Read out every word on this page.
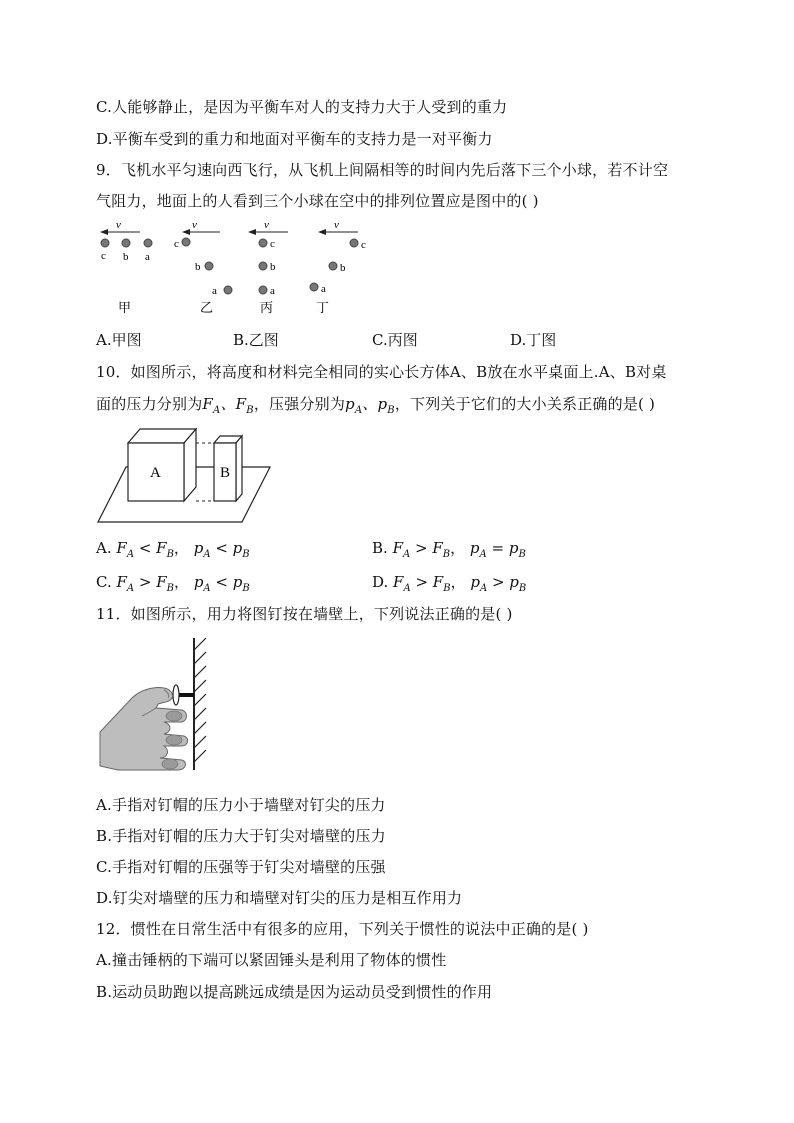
C.人能够静止，是因为平衡车对人的支持力大于人受到的重力
D.平衡车受到的重力和地面对平衡车的支持力是一对平衡力
9．飞机水平匀速向西飞行，从飞机上间隔相等的时间内先后落下三个小球，若不计空
气阻力，地面上的人看到三个小球在空中的排列位置应是图中的( )
v
c b a
甲
v
c
b
a
乙
v
c
b
a
丙
v
c
b
a
丁
A.甲图	B.乙图	C.丙图	D.丁图
10．如图所示，将高度和材料完全相同的实心长方体A、B放在水平桌面上.A、B对桌
面的压力分别为$F_A$、$F_B$，压强分别为$p_A$、$p_B$，下列关于它们的大小关系正确的是( )
A	B
A. $F_A < F_B$， $p_A < p_B$	B. $F_A > F_B$， $p_A = p_B$
C. $F_A > F_B$， $p_A < p_B$	D. $F_A > F_B$， $p_A > p_B$
11．如图所示，用力将图钉按在墙壁上，下列说法正确的是( )
A.手指对钉帽的压力小于墙壁对钉尖的压力
B.手指对钉帽的压力大于钉尖对墙壁的压力
C.手指对钉帽的压强等于钉尖对墙壁的压强
D.钉尖对墙壁的压力和墙壁对钉尖的压力是相互作用力
12．惯性在日常生活中有很多的应用，下列关于惯性的说法中正确的是( )
A.撞击锤柄的下端可以紧固锤头是利用了物体的惯性
B.运动员助跑以提高跳远成绩是因为运动员受到惯性的作用
